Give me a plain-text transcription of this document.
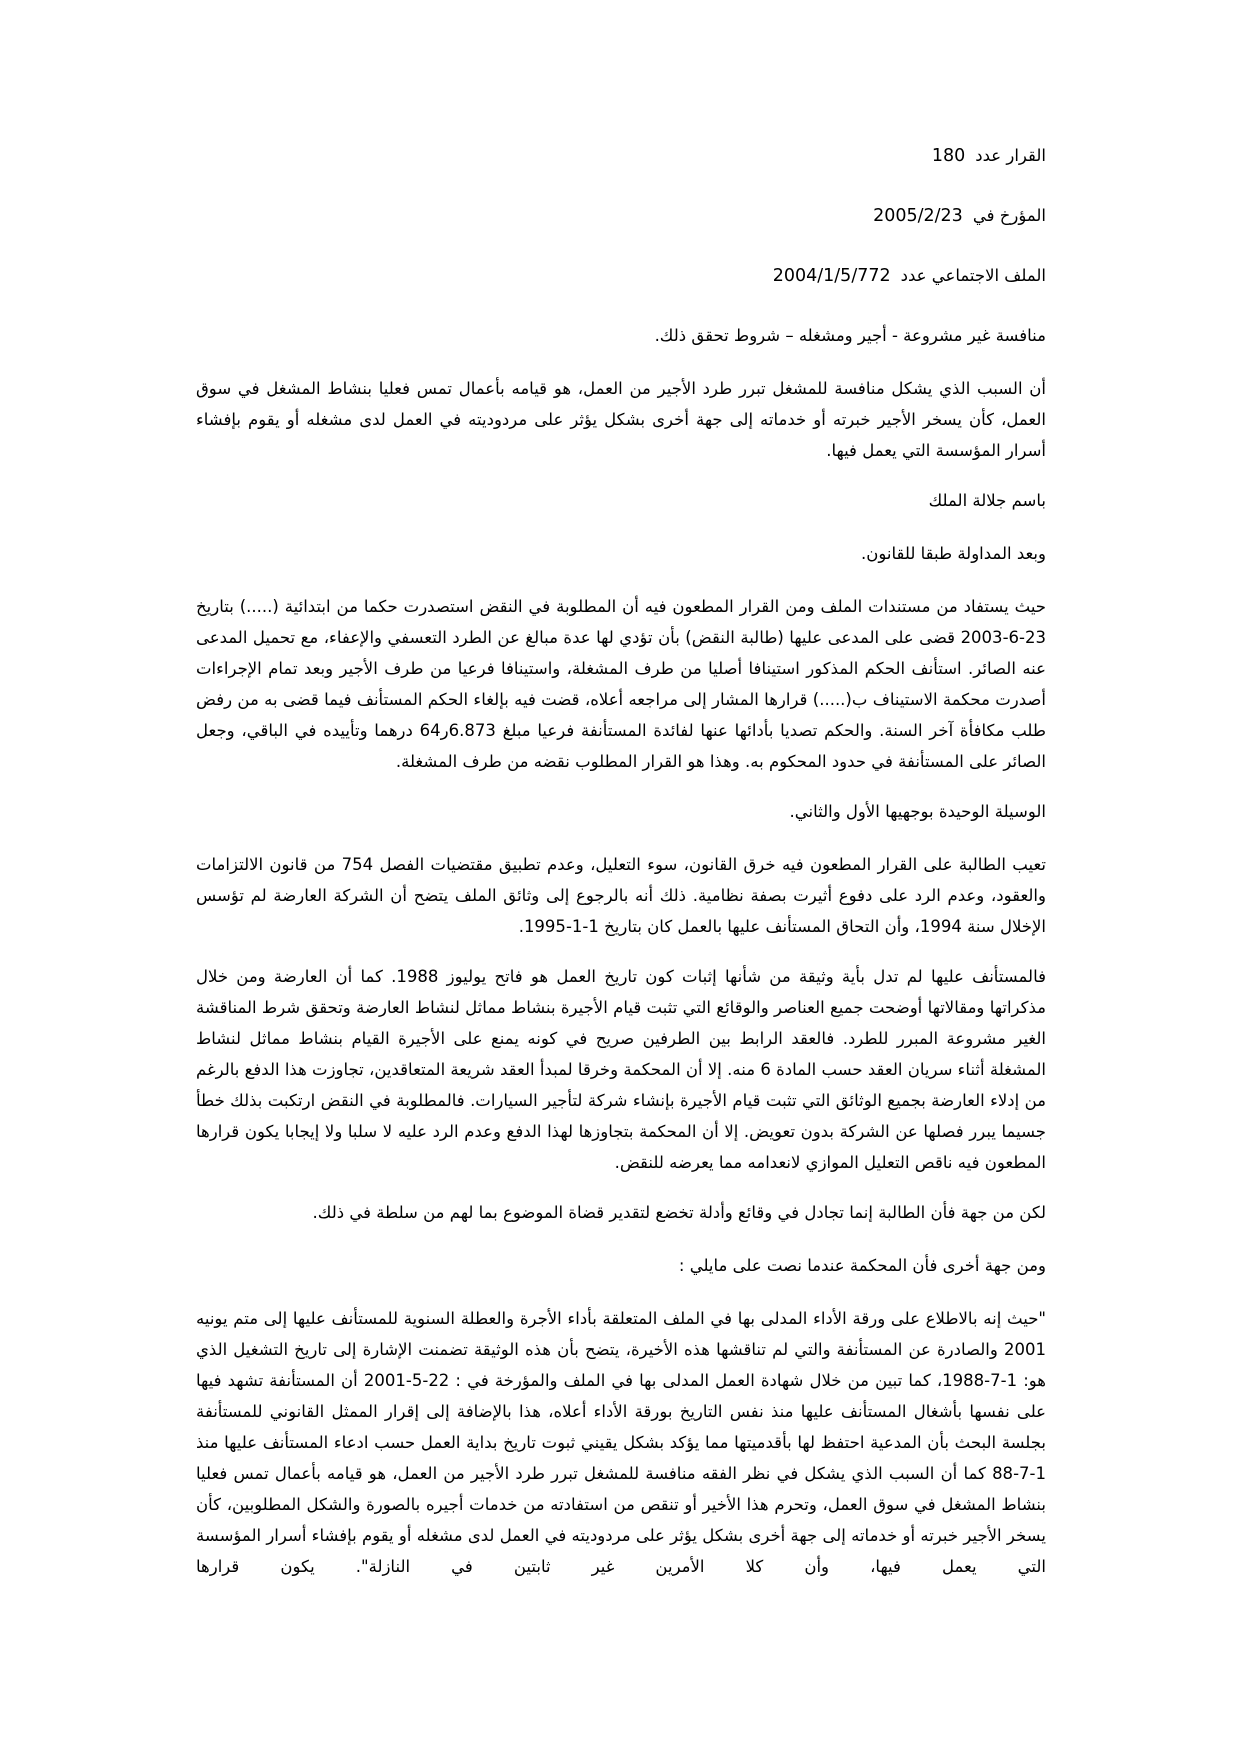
القرار عدد180
المؤرخ في2005/2/23
الملف الاجتماعي عدد2004/1/5/772

منافسة غير مشروعة - أجير ومشغله – شروط تحقق ذلك.

أن السبب الذي يشكل منافسة للمشغل تبرر طرد الأجير من العمل، هو قيامه بأعمال تمس فعليا بنشاط المشغل في سوق العمل، كأن يسخر الأجير خبرته أو خدماته إلى جهة أخرى بشكل يؤثر على مردوديته في العمل لدى مشغله أو يقوم بإفشاء أسرار المؤسسة التي يعمل فيها.

باسم جلالة الملك

وبعد المداولة طبقا للقانون.

حيث يستفاد من مستندات الملف ومن القرار المطعون فيه أن المطلوبة في النقض استصدرت حكما من ابتدائية (.....) بتاريخ 23-6-2003 قضى على المدعى عليها (طالبة النقض) بأن تؤدي لها عدة مبالغ عن الطرد التعسفي والإعفاء، مع تحميل المدعى عنه الصائر. استأنف الحكم المذكور استينافا أصليا من طرف المشغلة، واستينافا فرعيا من طرف الأجير وبعد تمام الإجراءات أصدرت محكمة الاستيناف ب(.....) قرارها المشار إلى مراجعه أعلاه، قضت فيه بإلغاء الحكم المستأنف فيما قضى به من رفض طلب مكافأة آخر السنة. والحكم تصديا بأدائها عنها لفائدة المستأنفة فرعيا مبلغ 6.873ر64 درهما وتأييده في الباقي، وجعل الصائر على المستأنفة في حدود المحكوم به. وهذا هو القرار المطلوب نقضه من طرف المشغلة.

الوسيلة الوحيدة بوجهيها الأول والثاني.

تعيب الطالبة على القرار المطعون فيه خرق القانون، سوء التعليل، وعدم تطبيق مقتضيات الفصل 754 من قانون الالتزامات والعقود، وعدم الرد على دفوع أثيرت بصفة نظامية. ذلك أنه بالرجوع إلى وثائق الملف يتضح أن الشركة العارضة لم تؤسس الإخلال سنة 1994، وأن التحاق المستأنف عليها بالعمل كان بتاريخ 1-1-1995.

فالمستأنف عليها لم تدل بأية وثيقة من شأنها إثبات كون تاريخ العمل هو فاتح يوليوز 1988. كما أن العارضة ومن خلال مذكراتها ومقالاتها أوضحت جميع العناصر والوقائع التي تثبت قيام الأجيرة بنشاط مماثل لنشاط العارضة وتحقق شرط المناقشة الغير مشروعة المبرر للطرد. فالعقد الرابط بين الطرفين صريح في كونه يمنع على الأجيرة القيام بنشاط مماثل لنشاط المشغلة أثناء سريان العقد حسب المادة 6 منه. إلا أن المحكمة وخرقا لمبدأ العقد شريعة المتعاقدين، تجاوزت هذا الدفع بالرغم من إدلاء العارضة بجميع الوثائق التي تثبت قيام الأجيرة بإنشاء شركة لتأجير السيارات. فالمطلوبة في النقض ارتكبت بذلك خطأ جسيما يبرر فصلها عن الشركة بدون تعويض. إلا أن المحكمة بتجاوزها لهذا الدفع وعدم الرد عليه لا سلبا ولا إيجابا يكون قرارها المطعون فيه ناقص التعليل الموازي لانعدامه مما يعرضه للنقض.

لكن من جهة فأن الطالبة إنما تجادل في وقائع وأدلة تخضع لتقدير قضاة الموضوع بما لهم من سلطة في ذلك.

ومن جهة أخرى فأن المحكمة عندما نصت على مايلي :

"حيث إنه بالاطلاع على ورقة الأداء المدلى بها في الملف المتعلقة بأداء الأجرة والعطلة السنوية للمستأنف عليها إلى متم يونيه 2001 والصادرة عن المستأنفة والتي لم تناقشها هذه الأخيرة، يتضح بأن هذه الوثيقة تضمنت الإشارة إلى تاريخ التشغيل الذي هو: 1-7-1988، كما تبين من خلال شهادة العمل المدلى بها في الملف والمؤرخة في : 22-5-2001 أن المستأنفة تشهد فيها على نفسها بأشغال المستأنف عليها منذ نفس التاريخ بورقة الأداء أعلاه، هذا بالإضافة إلى إقرار الممثل القانوني للمستأنفة بجلسة البحث بأن المدعية احتفظ لها بأقدميتها مما يؤكد بشكل يقيني ثبوت تاريخ بداية العمل حسب ادعاء المستأنف عليها منذ 1-7-88 كما أن السبب الذي يشكل في نظر الفقه منافسة للمشغل تبرر طرد الأجير من العمل، هو قيامه بأعمال تمس فعليا بنشاط المشغل في سوق العمل، وتحرم هذا الأخير أو تنقص من استفادته من خدمات أجيره بالصورة والشكل المطلوبين، كأن يسخر الأجير خبرته أو خدماته إلى جهة أخرى بشكل يؤثر على مردوديته في العمل لدى مشغله أو يقوم بإفشاء أسرار المؤسسة التي يعمل فيها، وأن كلا الأمرين غير ثابتين في النازلة". يكون قرارها
